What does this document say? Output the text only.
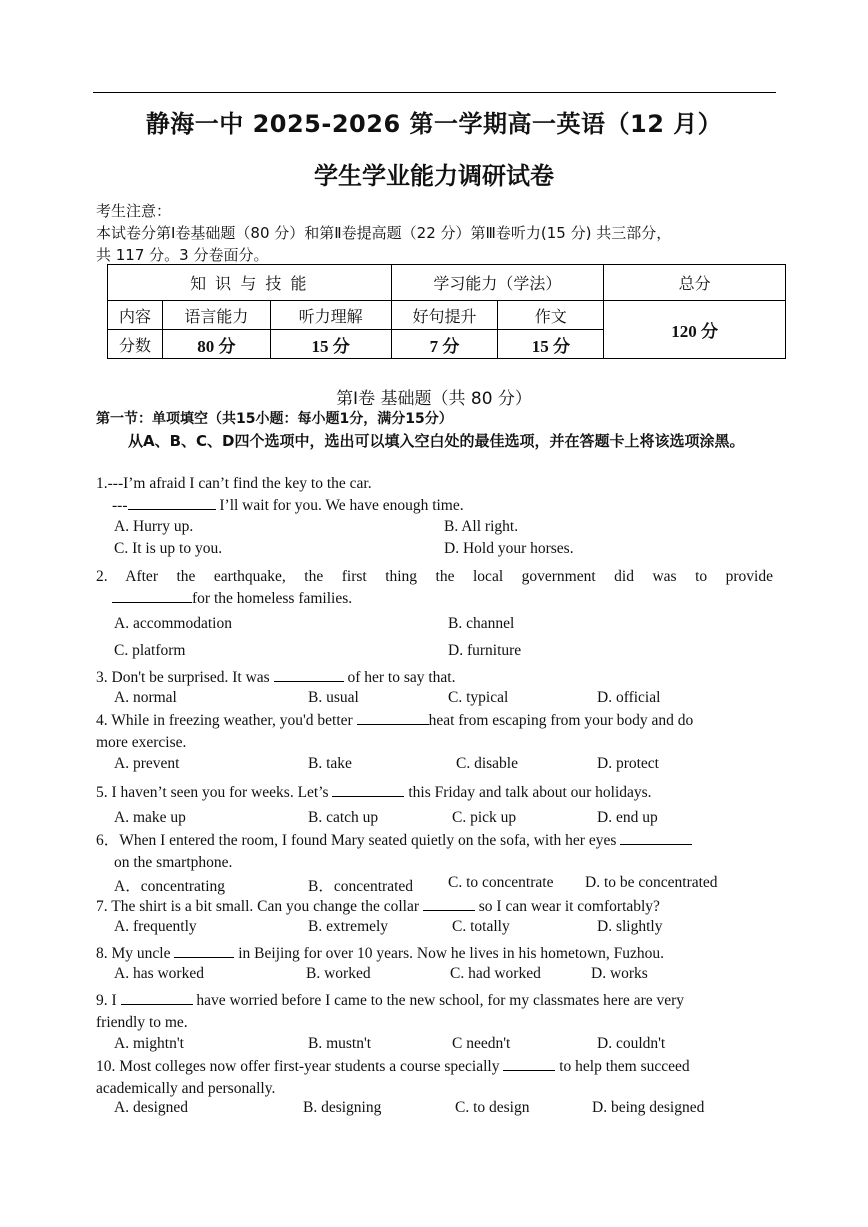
静海一中 2025-2026 第一学期高一英语（12 月）
学生学业能力调研试卷
考生注意：
本试卷分第Ⅰ卷基础题（80 分）和第Ⅱ卷提高题（22 分）第Ⅲ卷听力(15 分) 共三部分，
共 117 分。3 分卷面分。
知 识 与 技 能			学习能力（学法）		总分
内容	语言能力	听力理解	好句提升	作文	120 分
分数	80 分	15 分	7 分	15 分	
第Ⅰ卷 基础题（共 80 分）
第一节：单项填空（共15小题：每小题1分，满分15分）
从A、B、C、D四个选项中，选出可以填入空白处的最佳选项，并在答题卡上将该选项涂黑。
1.---I’m afraid I can’t find the key to the car.
---	I’ll wait for you. We have enough time.
A. Hurry up.	B. All right.
C. It is up to you.	D. Hold your horses.
2. After the earthquake, the first thing the local government did was to provide
for the homeless families.
A. accommodation	B. channel
C. platform	D. furniture
3. Don't be surprised. It was	of her to say that.
A. normal	B. usual	C. typical	D. official
4. While in freezing weather, you'd better	heat from escaping from your body and do
more exercise.
A. prevent	B. take	C. disable	D. protect
5. I haven’t seen you for weeks. Let’s	this Friday and talk about our holidays.
A. make up	B. catch up	C. pick up	D. end up
6．When I entered the room, I found Mary seated quietly on the sofa, with her eyes
on the smartphone.
A．concentrating	B．concentrated C. to concentrate D. to be concentrated
7. The shirt is a bit small. Can you change the collar	so I can wear it comfortably?
A. frequently	B. extremely	C. totally	D. slightly
8. My uncle	in Beijing for over 10 years. Now he lives in his hometown, Fuzhou.
A. has worked	B. worked	C. had worked	D. works
9. I	have worried before I came to the new school, for my classmates here are very
friendly to me.
A. mightn't	B. mustn't	C needn't	D. couldn't
10. Most colleges now offer first-year students a course specially	to help them succeed
academically and personally.
A. designed	B. designing	C. to design	D. being designed
